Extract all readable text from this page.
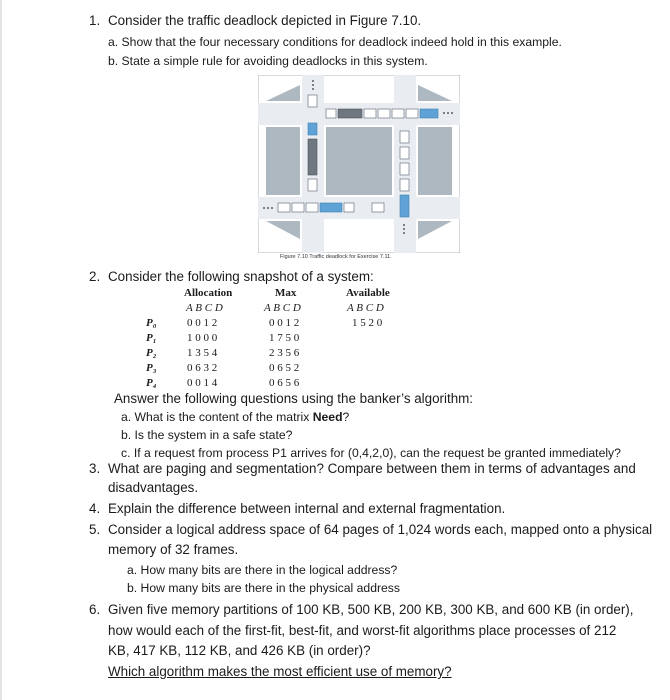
1. Consider the traffic deadlock depicted in Figure 7.10.
a. Show that the four necessary conditions for deadlock indeed hold in this example.
b. State a simple rule for avoiding deadlocks in this system.
Figure 7.10 Traffic deadlock for Exercise 7.11.
2. Consider the following snapshot of a system:
Allocation	Max	Available
A B C D	A B C D	A B C D
P₀	0 0 1 2	0 0 1 2	1 5 2 0
P₁	1 0 0 0	1 7 5 0
P₂	1 3 5 4	2 3 5 6
P₃	0 6 3 2	0 6 5 2
P₄	0 0 1 4	0 6 5 6
Answer the following questions using the banker’s algorithm:
a. What is the content of the matrix Need?
b. Is the system in a safe state?
c. If a request from process P1 arrives for (0,4,2,0), can the request be granted immediately?
3. What are paging and segmentation? Compare between them in terms of advantages and
disadvantages.
4. Explain the difference between internal and external fragmentation.
5. Consider a logical address space of 64 pages of 1,024 words each, mapped onto a physical
memory of 32 frames.
a. How many bits are there in the logical address?
b. How many bits are there in the physical address
6. Given five memory partitions of 100 KB, 500 KB, 200 KB, 300 KB, and 600 KB (in order),
how would each of the first-fit, best-fit, and worst-fit algorithms place processes of 212
KB, 417 KB, 112 KB, and 426 KB (in order)?
Which algorithm makes the most efficient use of memory?
